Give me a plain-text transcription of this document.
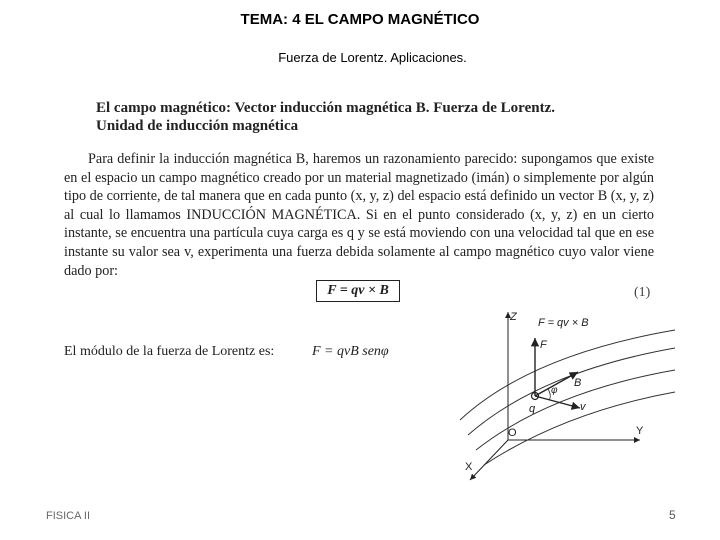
TEMA: 4 EL CAMPO MAGNÉTICO
Fuerza de Lorentz. Aplicaciones.
El campo magnético: Vector inducción magnética B. Fuerza de Lorentz.
Unidad de inducción magnética

Para definir la inducción magnética B, haremos un razonamiento parecido: supongamos que existe en el espacio un campo magnético creado por un material magnetizado (imán) o simplemente por algún tipo de corriente, de tal manera que en cada punto (x, y, z) del espacio está definido un vector B (x, y, z) al cual lo llamamos INDUCCIÓN MAGNÉTICA. Si en el punto considerado (x, y, z) en un cierto instante, se encuentra una partícula cuya carga es q y se está moviendo con una velocidad tal que en ese instante su valor sea v, experimenta una fuerza debida solamente al campo magnético cuyo valor viene dado por:

F = qv × B	(1)
El módulo de la fuerza de Lorentz es:	F = qvB senφ
Z F = qv × B
F
B
φ
q	v
O	Y
X
FISICA II	5
